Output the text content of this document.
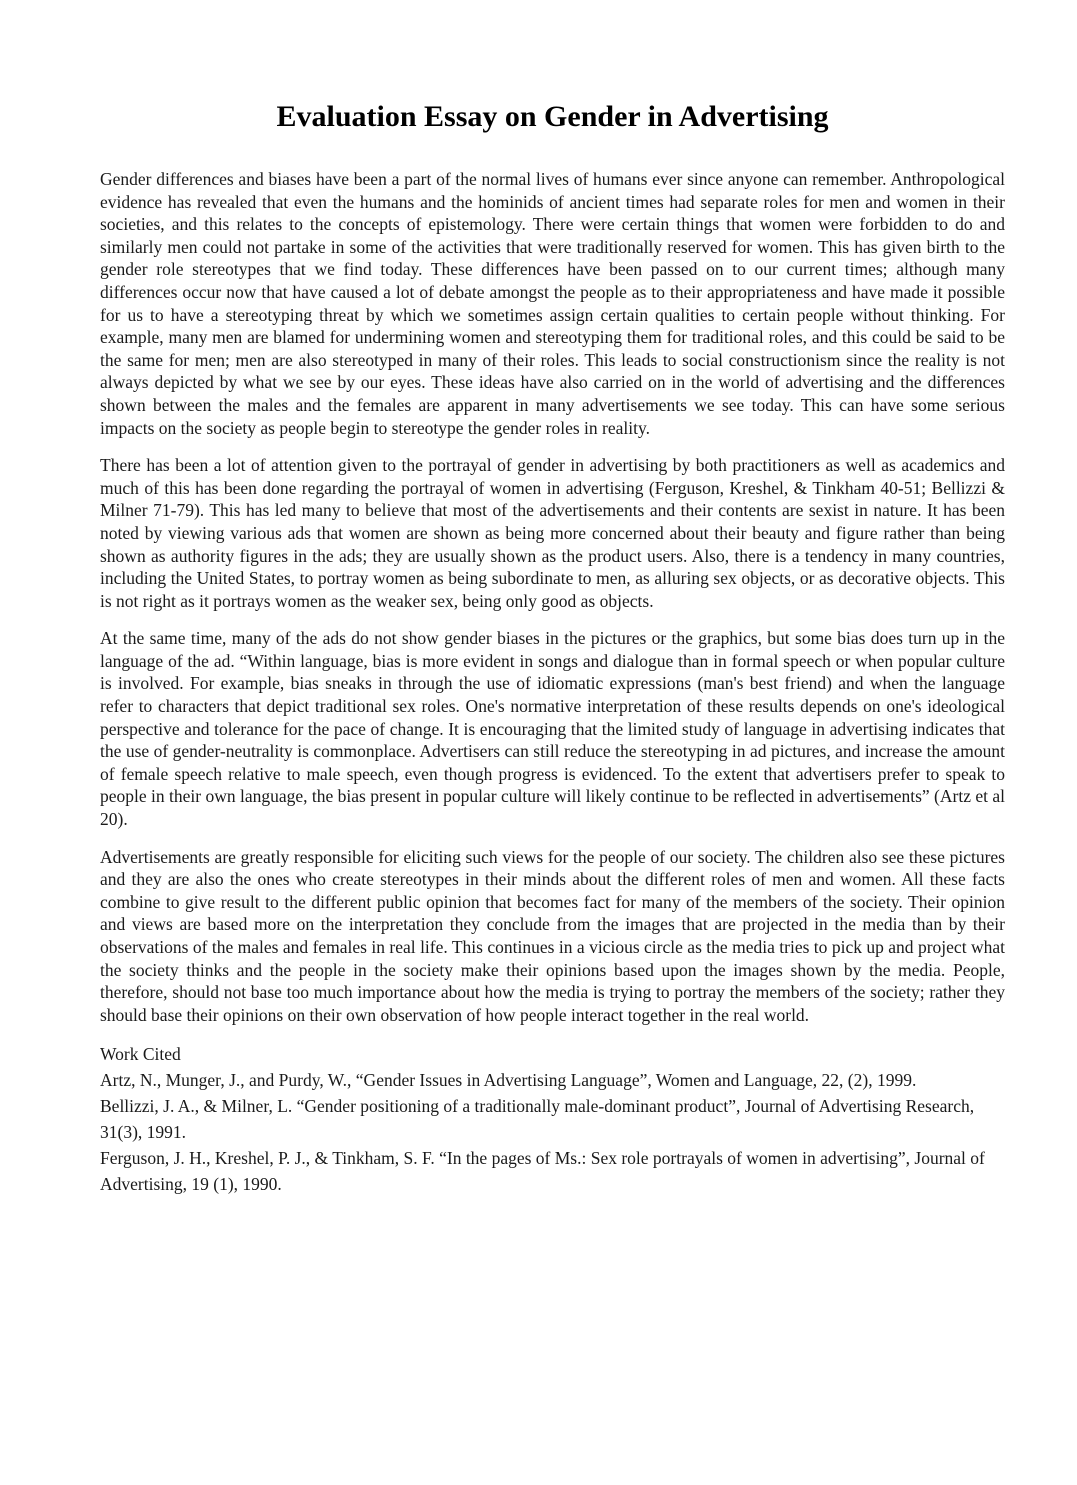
Evaluation Essay on Gender in Advertising

Gender differences and biases have been a part of the normal lives of humans ever since anyone can remember. Anthropological evidence has revealed that even the humans and the hominids of ancient times had separate roles for men and women in their societies, and this relates to the concepts of epistemology. There were certain things that women were forbidden to do and similarly men could not partake in some of the activities that were traditionally reserved for women. This has given birth to the gender role stereotypes that we find today. These differences have been passed on to our current times; although many differences occur now that have caused a lot of debate amongst the people as to their appropriateness and have made it possible for us to have a stereotyping threat by which we sometimes assign certain qualities to certain people without thinking. For example, many men are blamed for undermining women and stereotyping them for traditional roles, and this could be said to be the same for men; men are also stereotyped in many of their roles. This leads to social constructionism since the reality is not always depicted by what we see by our eyes. These ideas have also carried on in the world of advertising and the differences shown between the males and the females are apparent in many advertisements we see today. This can have some serious impacts on the society as people begin to stereotype the gender roles in reality.

There has been a lot of attention given to the portrayal of gender in advertising by both practitioners as well as academics and much of this has been done regarding the portrayal of women in advertising (Ferguson, Kreshel, & Tinkham 40-51; Bellizzi & Milner 71-79). This has led many to believe that most of the advertisements and their contents are sexist in nature. It has been noted by viewing various ads that women are shown as being more concerned about their beauty and figure rather than being shown as authority figures in the ads; they are usually shown as the product users. Also, there is a tendency in many countries, including the United States, to portray women as being subordinate to men, as alluring sex objects, or as decorative objects. This is not right as it portrays women as the weaker sex, being only good as objects.

At the same time, many of the ads do not show gender biases in the pictures or the graphics, but some bias does turn up in the language of the ad. “Within language, bias is more evident in songs and dialogue than in formal speech or when popular culture is involved. For example, bias sneaks in through the use of idiomatic expressions (man's best friend) and when the language refer to characters that depict traditional sex roles. One's normative interpretation of these results depends on one's ideological perspective and tolerance for the pace of change. It is encouraging that the limited study of language in advertising indicates that the use of gender-neutrality is commonplace. Advertisers can still reduce the stereotyping in ad pictures, and increase the amount of female speech relative to male speech, even though progress is evidenced. To the extent that advertisers prefer to speak to people in their own language, the bias present in popular culture will likely continue to be reflected in advertisements” (Artz et al 20).

Advertisements are greatly responsible for eliciting such views for the people of our society. The children also see these pictures and they are also the ones who create stereotypes in their minds about the different roles of men and women. All these facts combine to give result to the different public opinion that becomes fact for many of the members of the society. Their opinion and views are based more on the interpretation they conclude from the images that are projected in the media than by their observations of the males and females in real life. This continues in a vicious circle as the media tries to pick up and project what the society thinks and the people in the society make their opinions based upon the images shown by the media. People, therefore, should not base too much importance about how the media is trying to portray the members of the society; rather they should base their opinions on their own observation of how people interact together in the real world.

Work Cited

Artz, N., Munger, J., and Purdy, W., “Gender Issues in Advertising Language”, Women and Language, 22, (2), 1999.

Bellizzi, J. A., & Milner, L. “Gender positioning of a traditionally male-dominant product”, Journal of Advertising Research, 31(3), 1991.

Ferguson, J. H., Kreshel, P. J., & Tinkham, S. F. “In the pages of Ms.: Sex role portrayals of women in advertising”, Journal of Advertising, 19 (1), 1990.
